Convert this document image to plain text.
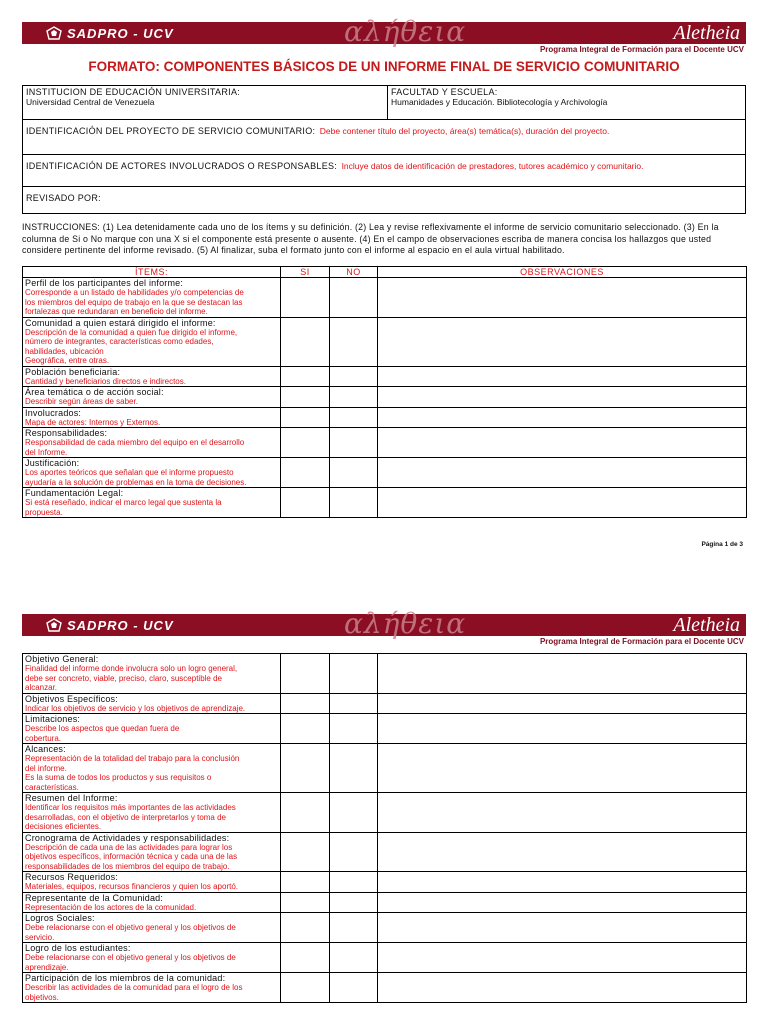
SADPRO - UCV	αλήθεια	Aletheia
Programa Integral de Formación para el Docente UCV
FORMATO: COMPONENTES BÁSICOS DE UN INFORME FINAL DE SERVICIO COMUNITARIO
INSTITUCION DE EDUCACIÓN UNIVERSITARIA:
Universidad Central de Venezuela
FACULTAD Y ESCUELA:
Humanidades y Educación. Bibliotecología y Archivología
IDENTIFICACIÓN DEL PROYECTO DE SERVICIO COMUNITARIO: Debe contener título del proyecto, área(s) temática(s), duración del proyecto.
IDENTIFICACIÓN DE ACTORES INVOLUCRADOS O RESPONSABLES: Incluye datos de identificación de prestadores, tutores académico y comunitario.
REVISADO POR:
INSTRUCCIONES: (1) Lea detenidamente cada uno de los ítems y su definición. (2) Lea y revise reflexivamente el informe de servicio comunitario seleccionado. (3) En la columna de Si o No marque con una X si el componente está presente o ausente. (4) En el campo de observaciones escriba de manera concisa los hallazgos que usted considere pertinente del informe revisado. (5) Al finalizar, suba el formato junto con el informe al espacio en el aula virtual habilitado.
ÍTEMS:	SI	NO	OBSERVACIONES

Perfil de los participantes del informe:
Corresponde a un listado de habilidades y/o competencias de
los miembros del equipo de trabajo en la que se destacan las
fortalezas que redundaran en beneficio del informe.			

Comunidad a quien estará dirigido el informe:
Descripción de la comunidad a quien fue dirigido el informe,
número de integrantes, características como edades,
habilidades, ubicación
Geográfica, entre otras.			

Población beneficiaria:
Cantidad y beneficiarios directos e indirectos.			

Área temática o de acción social:
Describir según áreas de saber.			

Involucrados:
Mapa de actores: Internos y Externos.			

Responsabilidades:
Responsabilidad de cada miembro del equipo en el desarrollo
del Informe.			

Justificación:
Los aportes teóricos que señalan que el informe propuesto
ayudaría a la solución de problemas en la toma de decisiones.			

Fundamentación Legal:
Si está reseñado, indicar el marco legal que sustenta la
propuesta.			

Página 1 de 3
SADPRO - UCV	αλήθεια	Aletheia
Programa Integral de Formación para el Docente UCV
Objetivo General:
Finalidad del informe donde involucra solo un logro general,
debe ser concreto, viable, preciso, claro, susceptible de
alcanzar.			

Objetivos Específicos:
Indicar los objetivos de servicio y los objetivos de aprendizaje.			

Limitaciones:
Describe los aspectos que quedan fuera de
cobertura.			

Alcances:
Representación de la totalidad del trabajo para la conclusión
del informe.
Es la suma de todos los productos y sus requisitos o
características.			

Resumen del Informe:
Identificar los requisitos más importantes de las actividades
desarrolladas, con el objetivo de interpretarlos y toma de
decisiones eficientes.			

Cronograma de Actividades y responsabilidades:
Descripción de cada una de las actividades para lograr los
objetivos específicos, información técnica y cada una de las
responsabilidades de los miembros del equipo de trabajo.			

Recursos Requeridos:
Materiales, equipos, recursos financieros y quien los aportó.			

Representante de la Comunidad:
Representación de los actores de la comunidad.			

Logros Sociales:
Debe relacionarse con el objetivo general y los objetivos de
servicio.			

Logro de los estudiantes:
Debe relacionarse con el objetivo general y los objetivos de
aprendizaje.			

Participación de los miembros de la comunidad:
Describir las actividades de la comunidad para el logro de los
objetivos.			
